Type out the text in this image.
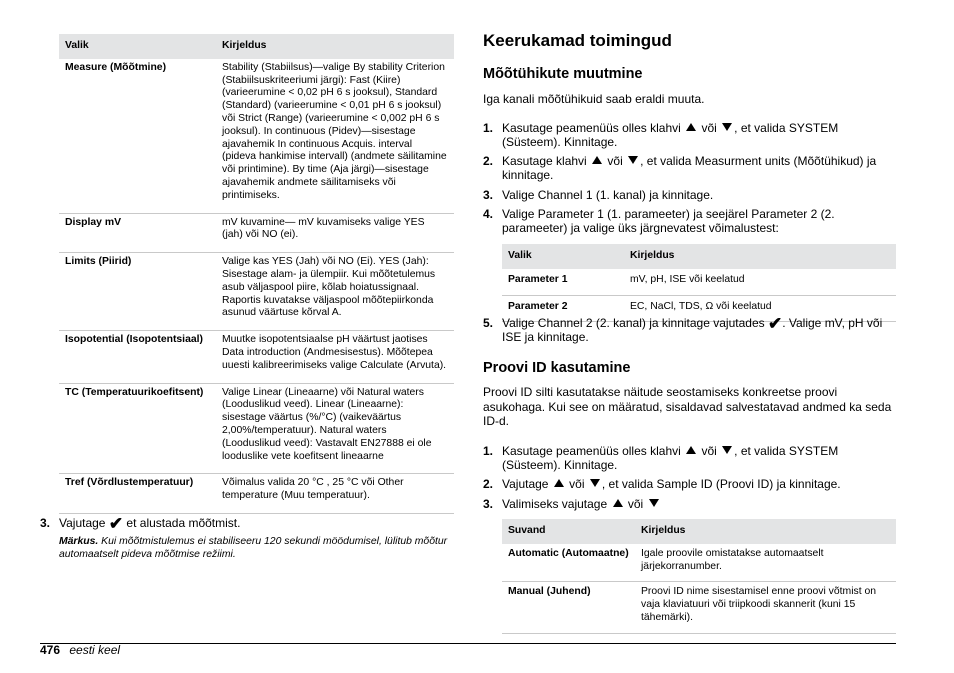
Valik	Kirjeldus
Measure (Mõõtmine)	Stability (Stabiilsus)—valige By stability Criterion (Stabiilsuskriteeriumi järgi): Fast (Kiire)(varieerumine < 0,02 pH 6 s jooksul), Standard (Standard) (varieerumine < 0,01 pH 6 s jooksul) või Strict (Range) (varieerumine < 0,002 pH 6 s jooksul). In continuous (Pidev)—sisestage ajavahemik In continuous Acquis. interval (pideva hankimise intervall) (andmete säilitamine või printimine). By time (Aja järgi)—sisestage ajavahemik andmete säilitamiseks või printimiseks.
Display mV	mV kuvamine— mV kuvamiseks valige YES (jah) või NO (ei).
Limits (Piirid)	Valige kas YES (Jah) või NO (Ei). YES (Jah): Sisestage alam- ja ülempiir. Kui mõõtetulemus asub väljaspool piire, kõlab hoiatussignaal. Raportis kuvatakse väljaspool mõõtepiirkonda asunud väärtuse kõrval A.
Isopotential (Isopotentsiaal)	Muutke isopotentsiaalse pH väärtust jaotises Data introduction (Andmesisestus). Mõõtepea uuesti kalibreerimiseks valige Calculate (Arvuta).
TC (Temperatuurikoefitsent)	Valige Linear (Lineaarne) või Natural waters (Looduslikud veed). Linear (Lineaarne): sisestage väärtus (%/°C) (vaikeväärtus 2,00%/temperatuur). Natural waters (Looduslikud veed): Vastavalt EN27888 ei ole looduslike vete koefitsent lineaarne
Tref (Võrdlustemperatuur)	Võimalus valida 20 °C , 25 °C või Other temperature (Muu temperatuur).
3. Vajutage ✔ et alustada mõõtmist.
Märkus. Kui mõõtmistulemus ei stabiliseeru 120 sekundi möödumisel, lülitub mõõtur automaatselt pideva mõõtmise režiimi.
Keerukamad toimingud
Mõõtühikute muutmine
Iga kanali mõõtühikuid saab eraldi muuta.
1. Kasutage peamenüüs olles klahvi või , et valida SYSTEM (Süsteem). Kinnitage.
2. Kasutage klahvi või , et valida Measurment units (Mõõtühikud) ja kinnitage.
3. Valige Channel 1 (1. kanal) ja kinnitage.
4. Valige Parameter 1 (1. parameeter) ja seejärel Parameter 2 (2. parameeter) ja valige üks järgnevatest võimalustest:
Valik	Kirjeldus
Parameter 1	mV, pH, ISE või keelatud
Parameter 2	EC, NaCl, TDS, Ω või keelatud
5. Valige Channel 2 (2. kanal) ja kinnitage vajutades ✔. Valige mV, pH või ISE ja kinnitage.
Proovi ID kasutamine
Proovi ID silti kasutatakse näitude seostamiseks konkreetse proovi asukohaga. Kui see on määratud, sisaldavad salvestatavad andmed ka seda ID-d.
1. Kasutage peamenüüs olles klahvi või , et valida SYSTEM (Süsteem). Kinnitage.
2. Vajutage või , et valida Sample ID (Proovi ID) ja kinnitage.
3. Valimiseks vajutage või
Suvand	Kirjeldus
Automatic (Automaatne)	Igale proovile omistatakse automaatselt järjekorranumber.
Manual (Juhend)	Proovi ID nime sisestamisel enne proovi võtmist on vaja klaviatuuri või triipkoodi skannerit (kuni 15 tähemärki).
476 eesti keel
